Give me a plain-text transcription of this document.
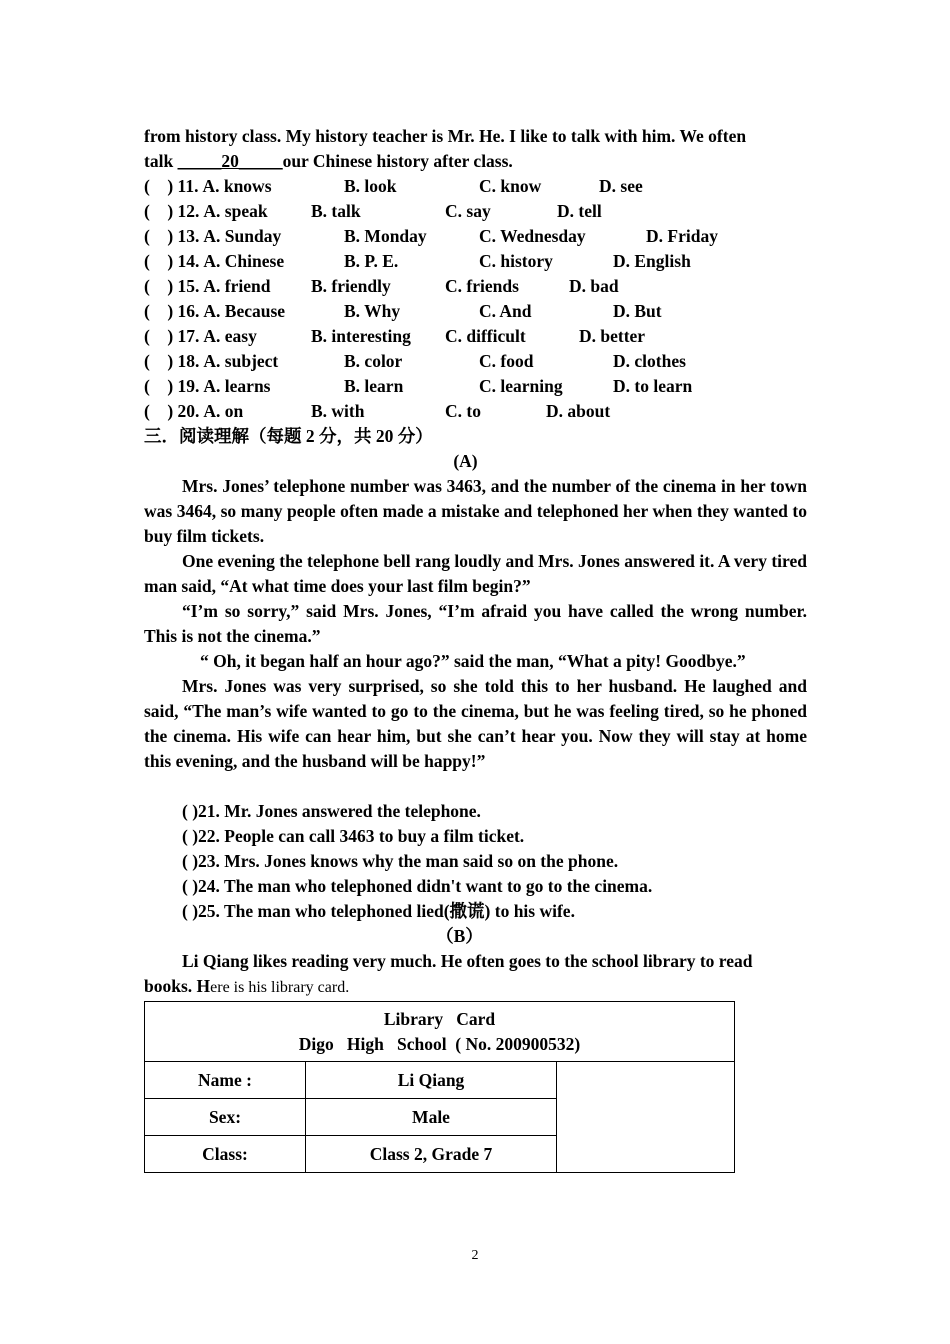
from history class. My history teacher is Mr. He. I like to talk with him. We often
talk _____20_____our Chinese history after class.
(    ) 11. A. knows	B. look	C. know	D. see
(    ) 12. A. speak B. talk	C. say	D. tell
(    ) 13. A. Sunday	B. Monday	C. Wednesday	D. Friday
(    ) 14. A. Chinese	B. P. E.	C. history	D. English
(    ) 15. A. friend B. friendly	C. friends	D. bad
(    ) 16. A. Because	B. Why	C. And	D. But
(    ) 17. A. easy	B. interesting C. difficult	D. better
(    ) 18. A. subject	B. color	C. food	D. clothes
(    ) 19. A. learns	B. learn	C. learning	D. to learn
(    ) 20. A. on	B. with	C. to	D. about
三．阅读理解（每题 2 分，共 20 分）
(A)
Mrs. Jones’ telephone number was 3463, and the number of the cinema in her town was 3464, so many people often made a mistake and telephoned her when they wanted to buy film tickets.
One evening the telephone bell rang loudly and Mrs. Jones answered it. A very tired man said, “At what time does your last film begin?”
“I’m so sorry,” said Mrs. Jones, “I’m afraid you have called the wrong number. This is not the cinema.”
“ Oh, it began half an hour ago?” said the man, “What a pity! Goodbye.”
Mrs. Jones was very surprised, so she told this to her husband. He laughed and said, “The man’s wife wanted to go to the cinema, but he was feeling tired, so he phoned the cinema. His wife can hear him, but she can’t hear you. Now they will stay at home this evening, and the husband will be happy!”
( )21. Mr. Jones answered the telephone.
( )22. People can call 3463 to buy a film ticket.
( )23. Mrs. Jones knows why the man said so on the phone.
( )24. The man who telephoned didn't want to go to the cinema.
( )25. The man who telephoned lied(撒谎) to his wife.
（B）
Li Qiang likes reading very much. He often goes to the school library to read
books. Here is his library card.
Library   Card
Digo   High   School  ( No. 200900532)		

Name :	Li Qiang	
Sex:	Male	
Class:	Class 2, Grade 7	
2
